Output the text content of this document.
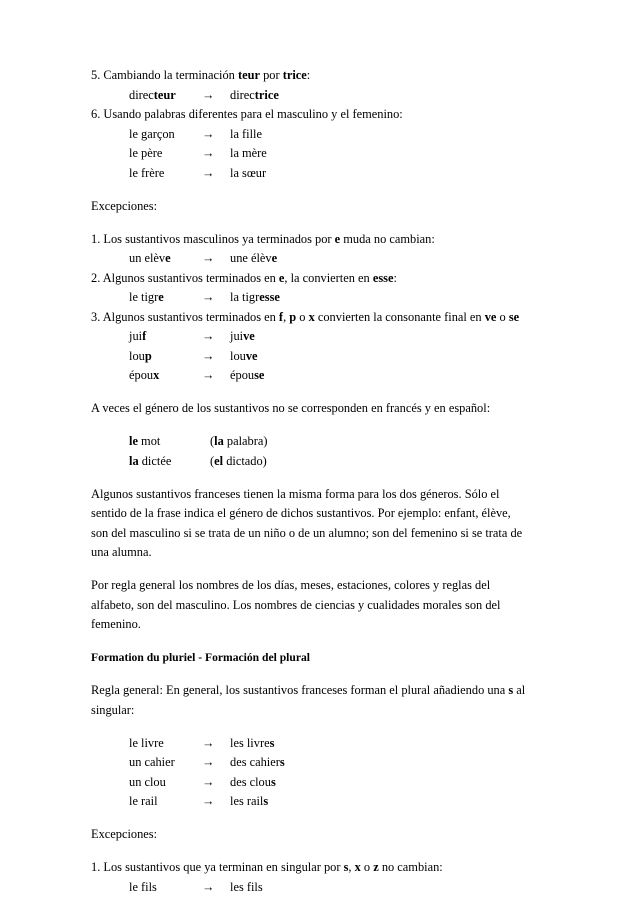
5. Cambiando la terminación teur por trice:
directeur	→	directrice
6. Usando palabras diferentes para el masculino y el femenino:
le garçon	→	la fille
le père	→	la mère
le frère	→	la sœur
Excepciones:
1. Los sustantivos masculinos ya terminados por e muda no cambian:
un elève	→	une élève
2. Algunos sustantivos terminados en e, la convierten en esse:
le tigre	→	la tigresse
3. Algunos sustantivos terminados en f, p o x convierten la consonante final en ve o se
juif	→	juive
loup	→	louve
époux	→	épouse
A veces el género de los sustantivos no se corresponden en francés y en español:
le mot	(la palabra)
la dictée	(el dictado)
Algunos sustantivos franceses tienen la misma forma para los dos géneros. Sólo el
sentido de la frase indica el género de dichos sustantivos. Por ejemplo: enfant, élève,
son del masculino si se trata de un niño o de un alumno; son del femenino si se trata de
una alumna.
Por regla general los nombres de los días, meses, estaciones, colores y reglas del
alfabeto, son del masculino. Los nombres de ciencias y cualidades morales son del
femenino.
Formation du pluriel - Formación del plural
Regla general: En general, los sustantivos franceses forman el plural añadiendo una s al
singular:
le livre	→	les livres
un cahier	→	des cahiers
un clou	→	des clous
le rail	→	les rails
Excepciones:
1. Los sustantivos que ya terminan en singular por s, x o z no cambian:
le fils	→	les fils
